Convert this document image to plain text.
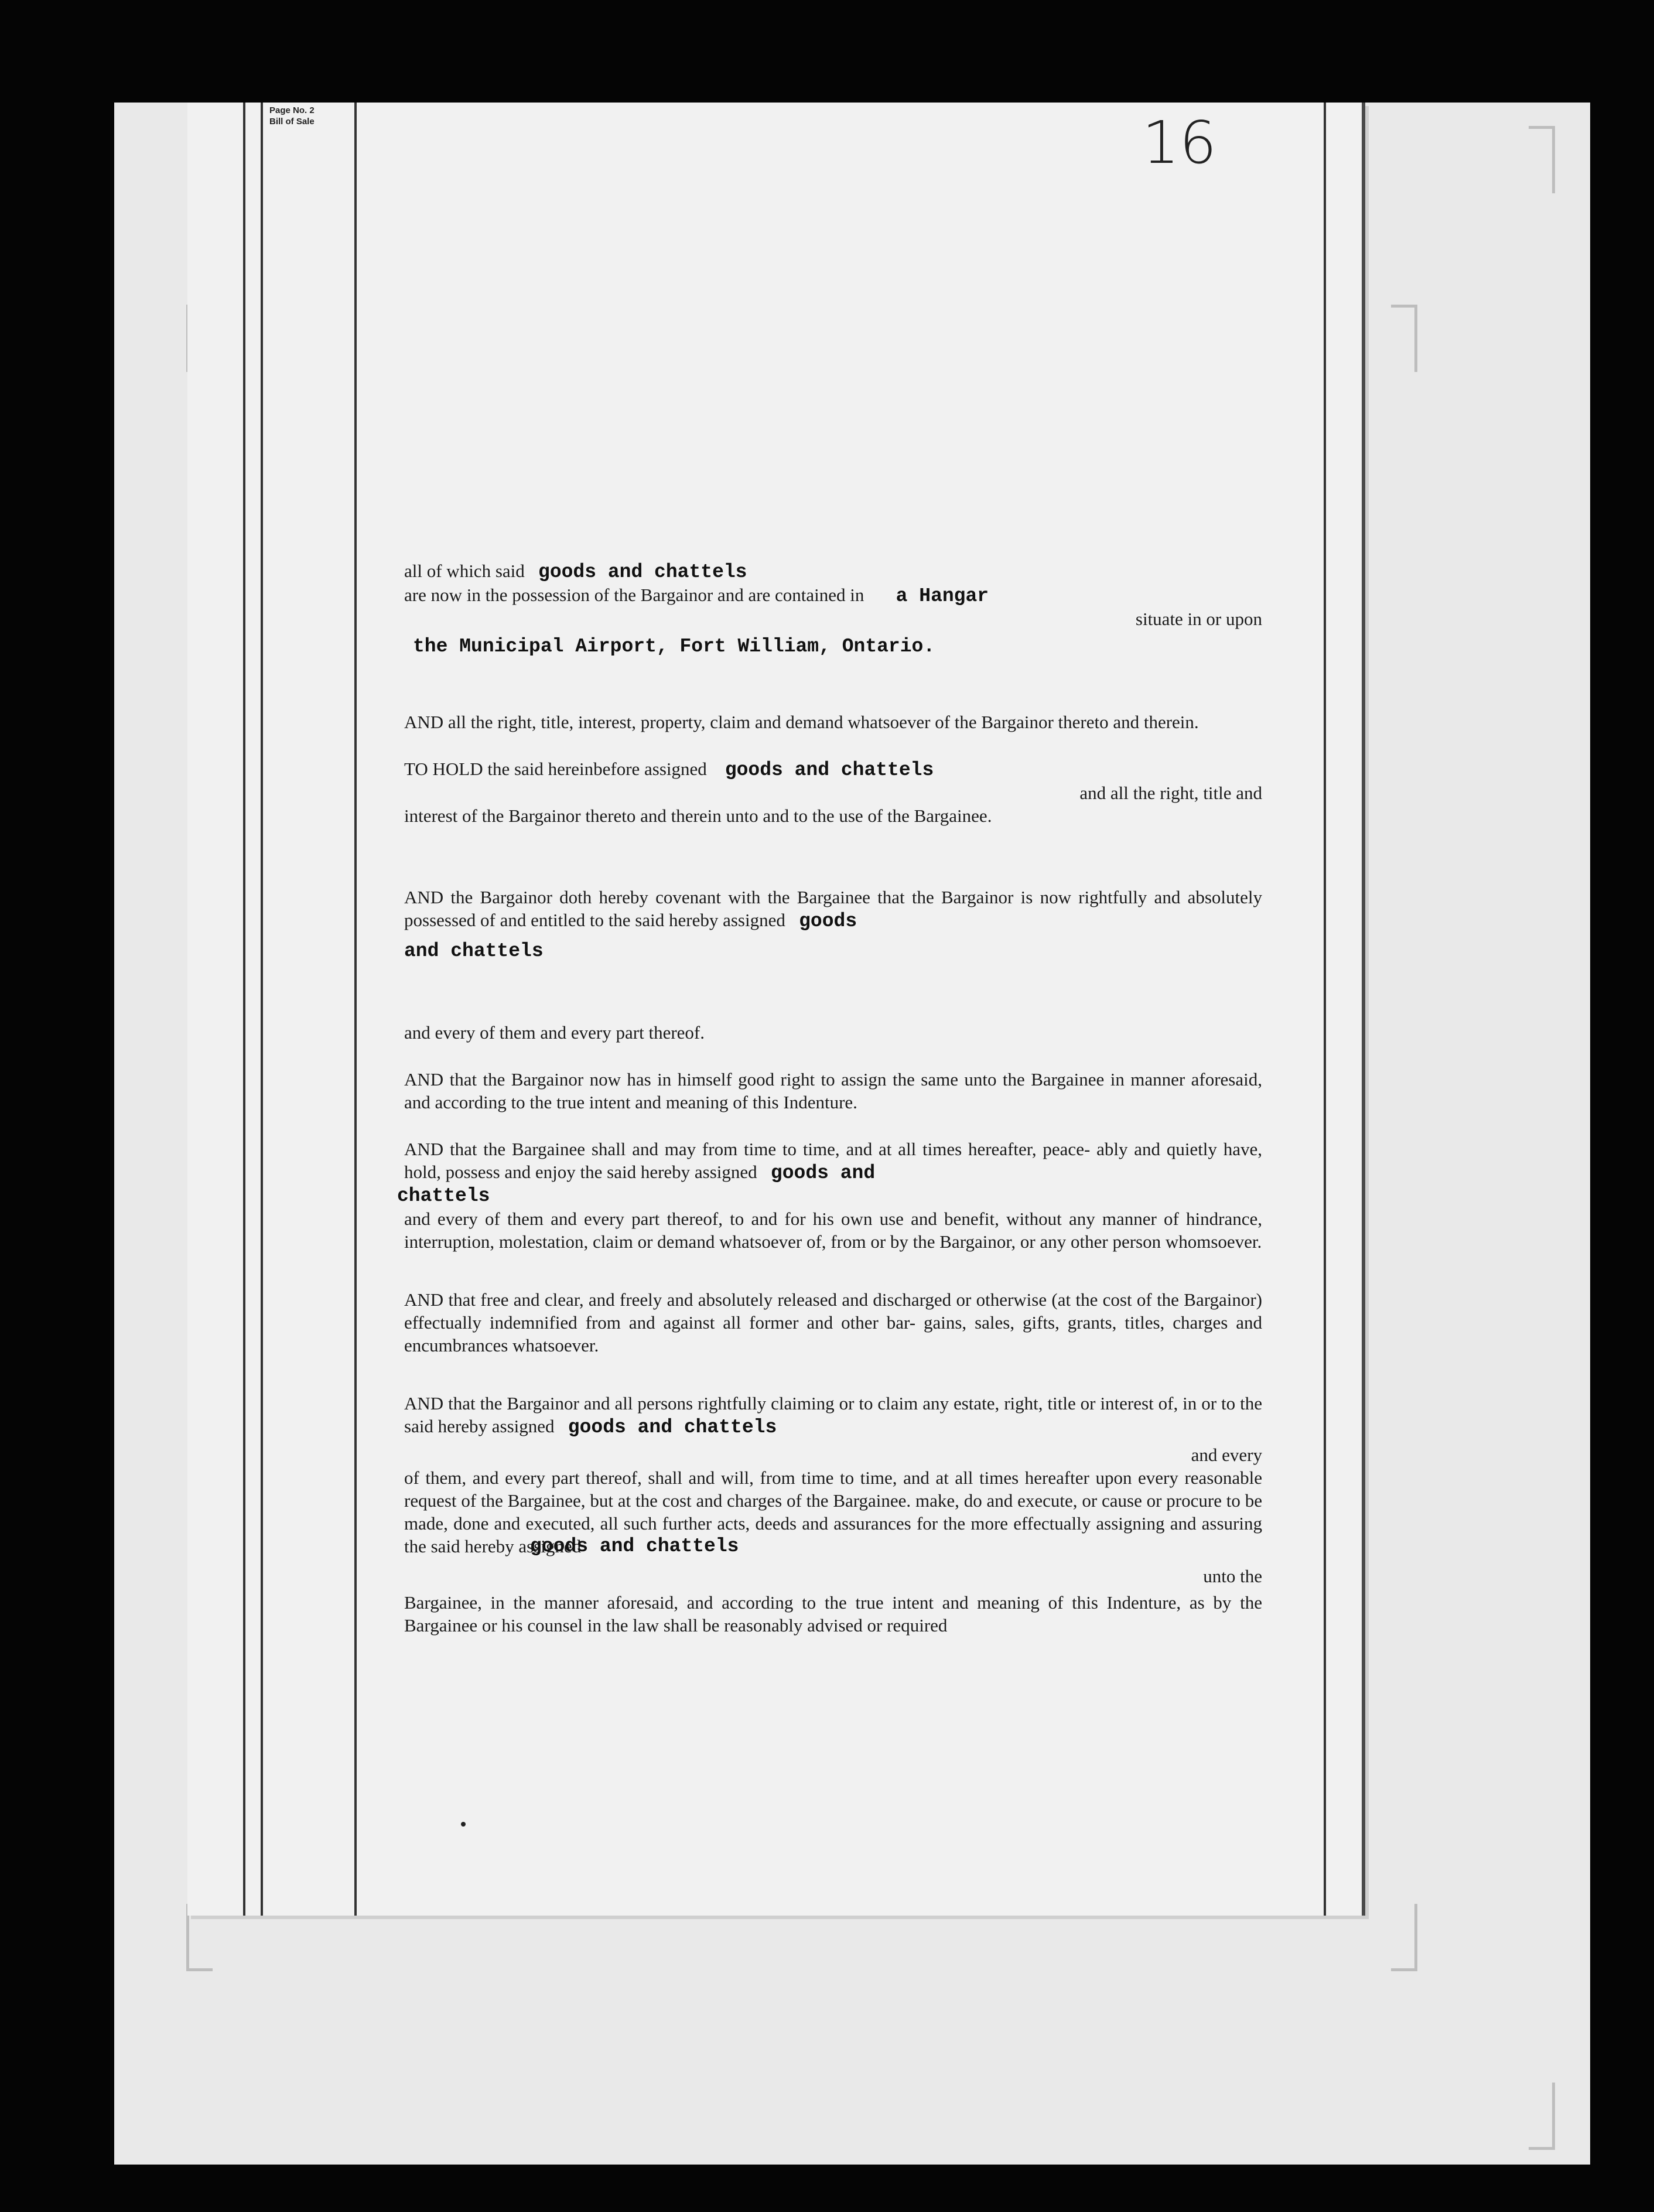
Page No. 2
Bill of Sale	16
all of which said goods and chattels
are now in the possession of the Bargainor and are contained in a Hangar
situate in or upon
the Municipal Airport, Fort William, Ontario.

AND all the right, title, interest, property, claim and demand whatsoever of the Bargainor thereto and therein.

TO HOLD the said hereinbefore assigned goods and chattels
and all the right, title and
interest of the Bargainor thereto and therein unto and to the use of the Bargainee.
AND the Bargainor doth hereby covenant with the Bargainee that the Bargainor is now rightfully and absolutely possessed of and entitled to the said hereby assigned goods
and chattels

and every of them and every part thereof.

AND that the Bargainor now has in himself good right to assign the same unto the Bargainee in manner aforesaid, and according to the true intent and meaning of this Indenture.

AND that the Bargainee shall and may from time to time, and at all times hereafter, peace- ably and quietly have, hold, possess and enjoy the said hereby assigned goods and
chattels
and every of them and every part thereof, to and for his own use and benefit, without any manner of hindrance, interruption, molestation, claim or demand whatsoever of, from or by the Bargainor, or any other person whomsoever.

AND that free and clear, and freely and absolutely released and discharged or otherwise (at the cost of the Bargainor) effectually indemnified from and against all former and other bar- gains, sales, gifts, grants, titles, charges and encumbrances whatsoever.

AND that the Bargainor and all persons rightfully claiming or to claim any estate, right, title or interest of, in or to the said hereby assigned goods and chattels
and every
of them, and every part thereof, shall and will, from time to time, and at all times hereafter upon every reasonable request of the Bargainee, but at the cost and charges of the Bargainee. make, do and execute, or cause or procure to be made, done and executed, all such further acts, deeds and assurances for the more effectually assigning and assuring the said hereby assigned
goods and chattels
unto the
Bargainee, in the manner aforesaid, and according to the true intent and meaning of this Indenture, as by the Bargainee or his counsel in the law shall be reasonably advised or required
